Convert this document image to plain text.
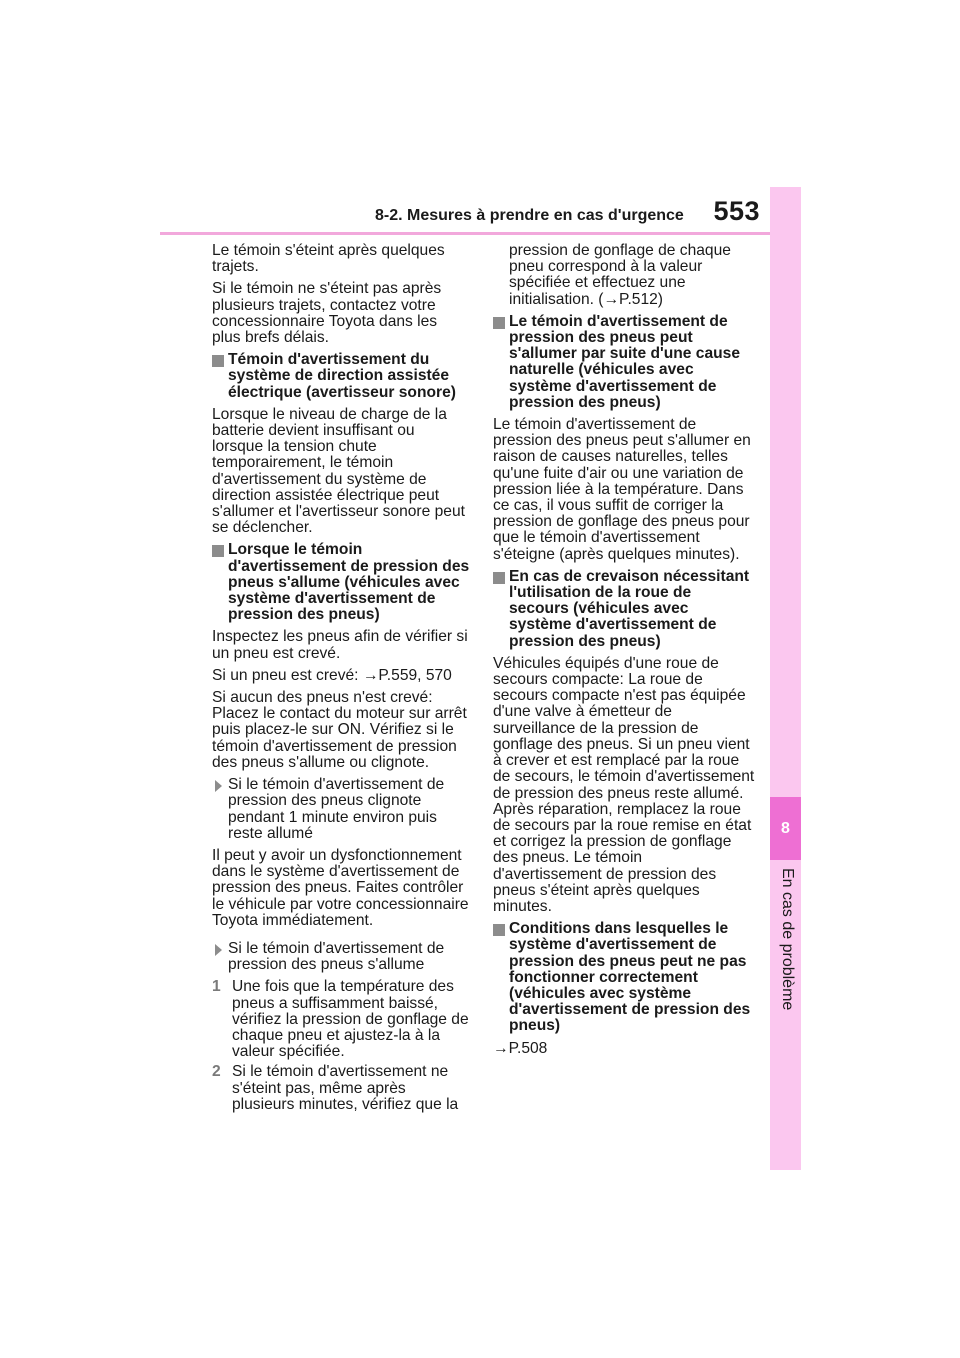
8-2. Mesures à prendre en cas d'urgence 553
8
En cas de problème

Le témoin s'éteint après quelques trajets.

Si le témoin ne s'éteint pas après plusieurs trajets, contactez votre concessionnaire Toyota dans les plus brefs délais.

Témoin d'avertissement du système de direction assistée électrique (avertisseur sonore)

Lorsque le niveau de charge de la batterie devient insuffisant ou lorsque la tension chute temporairement, le témoin d'avertissement du système de direction assistée électrique peut s'allumer et l'avertisseur sonore peut se déclencher.

Lorsque le témoin d'avertissement de pression des pneus s'allume (véhicules avec système d'avertissement de pression des pneus)

Inspectez les pneus afin de vérifier si un pneu est crevé.

Si un pneu est crevé: →P.559, 570

Si aucun des pneus n'est crevé: Placez le contact du moteur sur arrêt puis placez-le sur ON. Vérifiez si le témoin d'avertissement de pression des pneus s'allume ou clignote.

Si le témoin d'avertissement de pression des pneus clignote pendant 1 minute environ puis reste allumé

Il peut y avoir un dysfonctionnement dans le système d'avertissement de pression des pneus. Faites contrôler le véhicule par votre concessionnaire Toyota immédiatement.

Si le témoin d'avertissement de pression des pneus s'allume
1 Une fois que la température des pneus a suffisamment baissé, vérifiez la pression de gonflage de chaque pneu et ajustez-la à la valeur spécifiée.
2 Si le témoin d'avertissement ne s'éteint pas, même après plusieurs minutes, vérifiez que la

pression de gonflage de chaque pneu correspond à la valeur spécifiée et effectuez une initialisation. (→P.512)

Le témoin d'avertissement de pression des pneus peut s'allumer par suite d'une cause naturelle (véhicules avec système d'avertissement de pression des pneus)

Le témoin d'avertissement de pression des pneus peut s'allumer en raison de causes naturelles, telles qu'une fuite d'air ou une variation de pression liée à la température. Dans ce cas, il vous suffit de corriger la pression de gonflage des pneus pour que le témoin d'avertissement s'éteigne (après quelques minutes).

En cas de crevaison nécessitant l'utilisation de la roue de secours (véhicules avec système d'avertissement de pression des pneus)

Véhicules équipés d'une roue de secours compacte: La roue de secours compacte n'est pas équipée d'une valve à émetteur de surveillance de la pression de gonflage des pneus. Si un pneu vient à crever et est remplacé par la roue de secours, le témoin d'avertissement de pression des pneus reste allumé. Après réparation, remplacez la roue de secours par la roue remise en état et corrigez la pression de gonflage des pneus. Le témoin d'avertissement de pression des pneus s'éteint après quelques minutes.

Conditions dans lesquelles le système d'avertissement de pression des pneus peut ne pas fonctionner correctement (véhicules avec système d'avertissement de pression des pneus)

→P.508
